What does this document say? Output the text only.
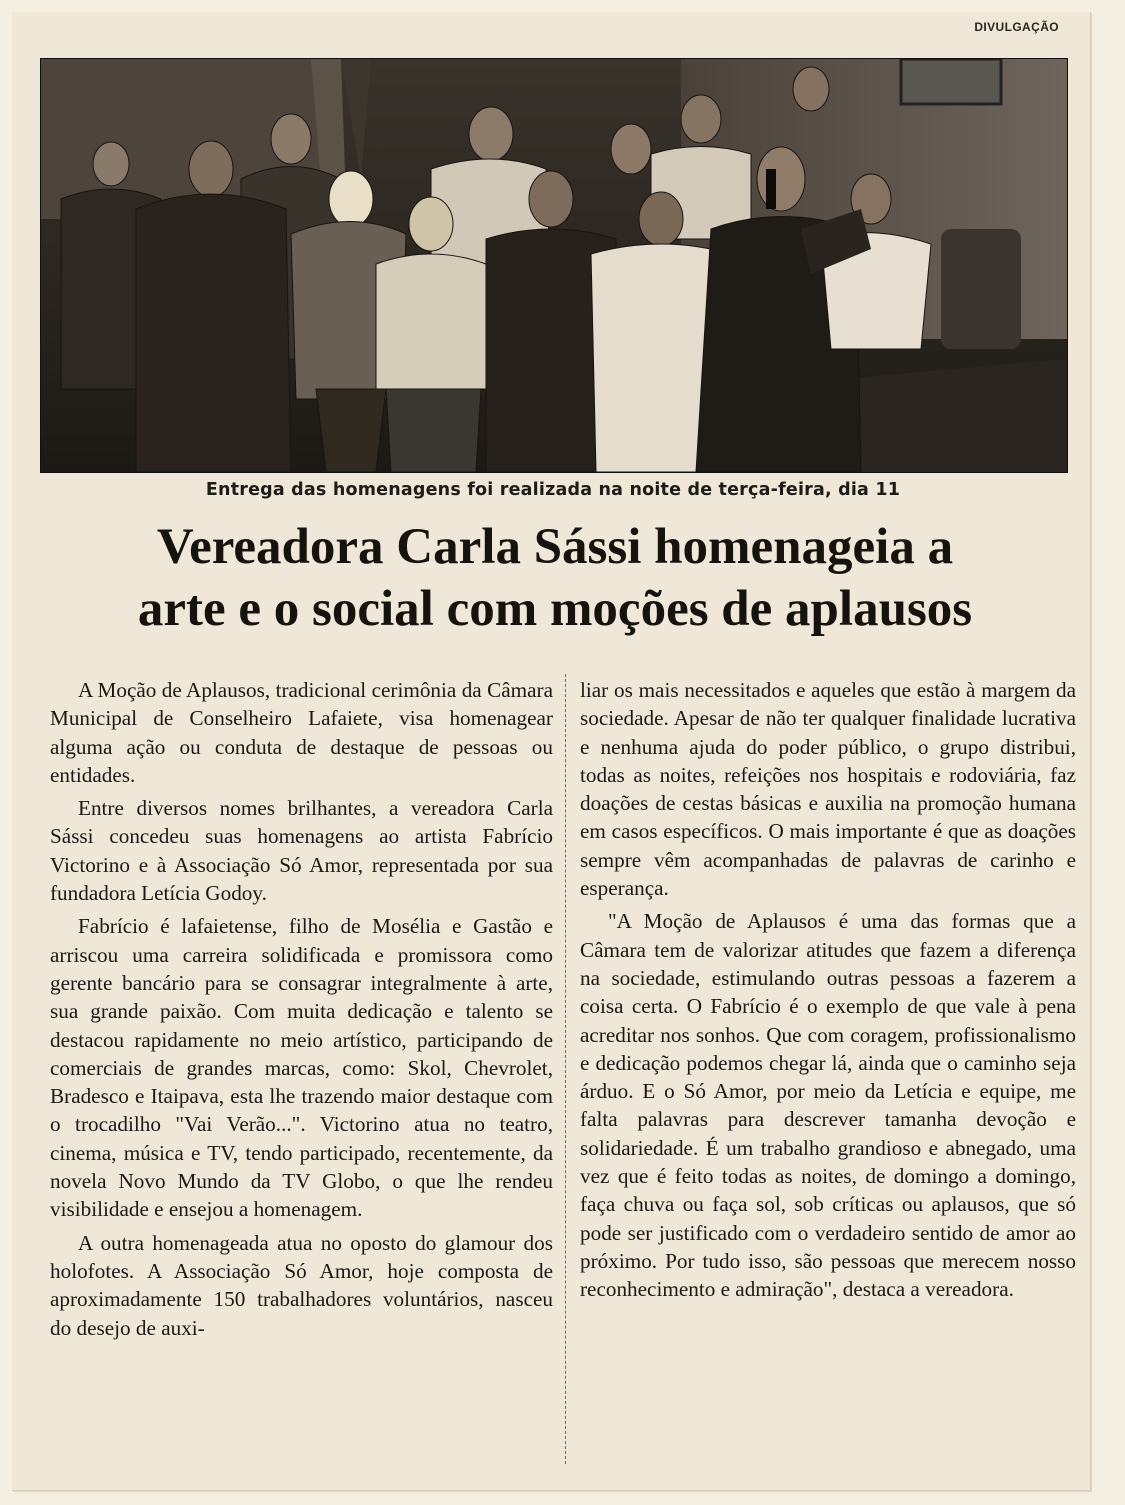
DIVULGAÇÃO
Entrega das homenagens foi realizada na noite de terça-feira, dia 11
Vereadora Carla Sássi homenageia a
arte e o social com moções de aplausos

A Moção de Aplausos, tradicional cerimônia da Câmara Municipal de Conselheiro Lafaiete, visa homenagear alguma ação ou conduta de destaque de pessoas ou entidades.

Entre diversos nomes brilhantes, a vereadora Carla Sássi concedeu suas homenagens ao artista Fabrício Victorino e à Associação Só Amor, representada por sua fundadora Letícia Godoy.

Fabrício é lafaietense, filho de Mosélia e Gastão e arriscou uma carreira solidificada e promissora como gerente bancário para se consagrar integralmente à arte, sua grande paixão. Com muita dedicação e talento se destacou rapidamente no meio artístico, participando de comerciais de grandes marcas, como: Skol, Chevrolet, Bradesco e Itaipava, esta lhe trazendo maior destaque com o trocadilho "Vai Verão...". Victorino atua no teatro, cinema, música e TV, tendo participado, recentemente, da novela Novo Mundo da TV Globo, o que lhe rendeu visibilidade e ensejou a homenagem.

A outra homenageada atua no oposto do glamour dos holofotes. A Associação Só Amor, hoje composta de aproximadamente 150 trabalhadores voluntários, nasceu do desejo de auxi-

liar os mais necessitados e aqueles que estão à margem da sociedade. Apesar de não ter qualquer finalidade lucrativa e nenhuma ajuda do poder público, o grupo distribui, todas as noites, refeições nos hospitais e rodoviária, faz doações de cestas básicas e auxilia na promoção humana em casos específicos. O mais importante é que as doações sempre vêm acompanhadas de palavras de carinho e esperança.

"A Moção de Aplausos é uma das formas que a Câmara tem de valorizar atitudes que fazem a diferença na sociedade, estimulando outras pessoas a fazerem a coisa certa. O Fabrício é o exemplo de que vale à pena acreditar nos sonhos. Que com coragem, profissionalismo e dedicação podemos chegar lá, ainda que o caminho seja árduo. E o Só Amor, por meio da Letícia e equipe, me falta palavras para descrever tamanha devoção e solidariedade. É um trabalho grandioso e abnegado, uma vez que é feito todas as noites, de domingo a domingo, faça chuva ou faça sol, sob críticas ou aplausos, que só pode ser justificado com o verdadeiro sentido de amor ao próximo. Por tudo isso, são pessoas que merecem nosso reconhecimento e admiração", destaca a vereadora.
